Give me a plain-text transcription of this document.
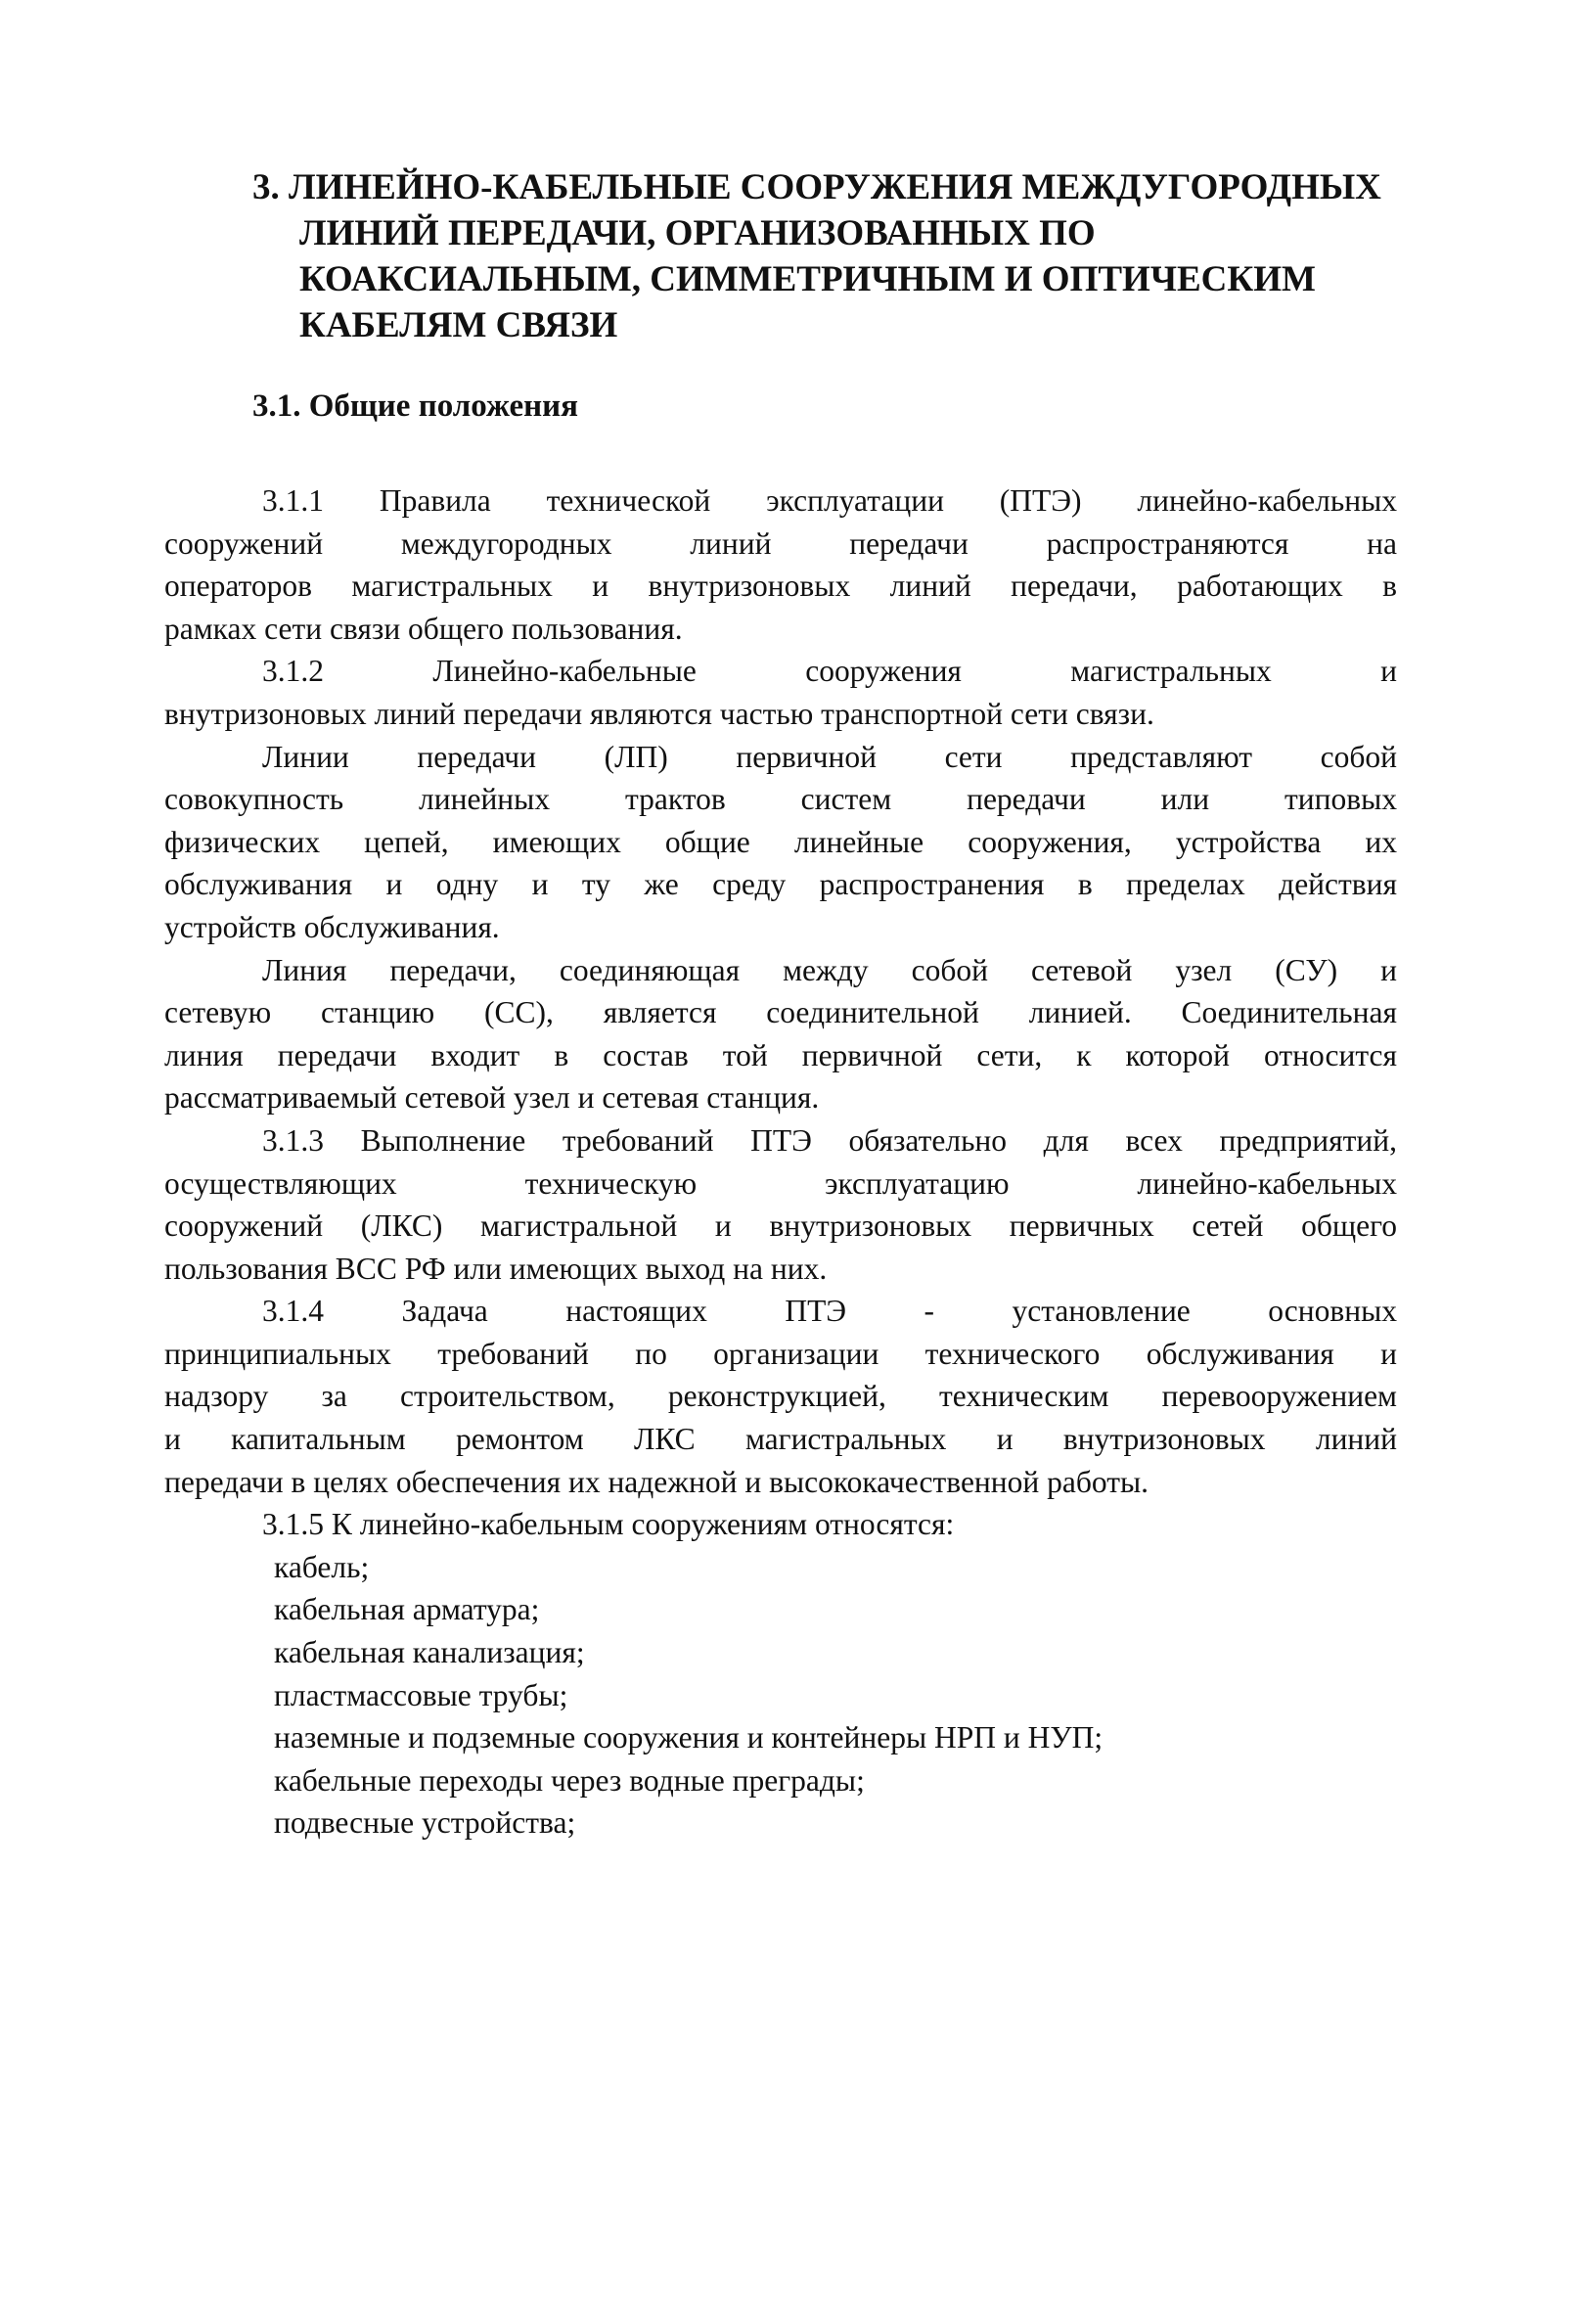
3. ЛИНЕЙНО-КАБЕЛЬНЫЕ СООРУЖЕНИЯ МЕЖДУГОРОДНЫХ
ЛИНИЙ ПЕРЕДАЧИ, ОРГАНИЗОВАННЫХ ПО
КОАКСИАЛЬНЫМ, СИММЕТРИЧНЫМ И ОПТИЧЕСКИМ
КАБЕЛЯМ СВЯЗИ
3.1. Общие положения
3.1.1 Правила технической эксплуатации (ПТЭ) линейно-кабельных
сооружений междугородных линий передачи распространяются на
операторов магистральных и внутризоновых линий передачи, работающих в
рамках сети связи общего пользования.
3.1.2 Линейно-кабельные сооружения магистральных и
внутризоновых линий передачи являются частью транспортной сети связи.
Линии передачи (ЛП) первичной сети представляют собой
совокупность линейных трактов систем передачи или типовых
физических цепей, имеющих общие линейные сооружения, устройства их
обслуживания и одну и ту же среду распространения в пределах действия
устройств обслуживания.
Линия передачи, соединяющая между собой сетевой узел (СУ) и
сетевую станцию (СС), является соединительной линией. Соединительная
линия передачи входит в состав той первичной сети, к которой относится
рассматриваемый сетевой узел и сетевая станция.
3.1.3 Выполнение требований ПТЭ обязательно для всех предприятий,
осуществляющих техническую эксплуатацию линейно-кабельных
сооружений (ЛКС) магистральной и внутризоновых первичных сетей общего
пользования ВСС РФ или имеющих выход на них.
3.1.4 Задача настоящих ПТЭ - установление основных
принципиальных требований по организации технического обслуживания и
надзору за строительством, реконструкцией, техническим перевооружением
и капитальным ремонтом ЛКС магистральных и внутризоновых линий
передачи в целях обеспечения их надежной и высококачественной работы.
3.1.5 К линейно-кабельным сооружениям относятся:
кабель;
кабельная арматура;
кабельная канализация;
пластмассовые трубы;
наземные и подземные сооружения и контейнеры НРП и НУП;
кабельные переходы через водные преграды;
подвесные устройства;
